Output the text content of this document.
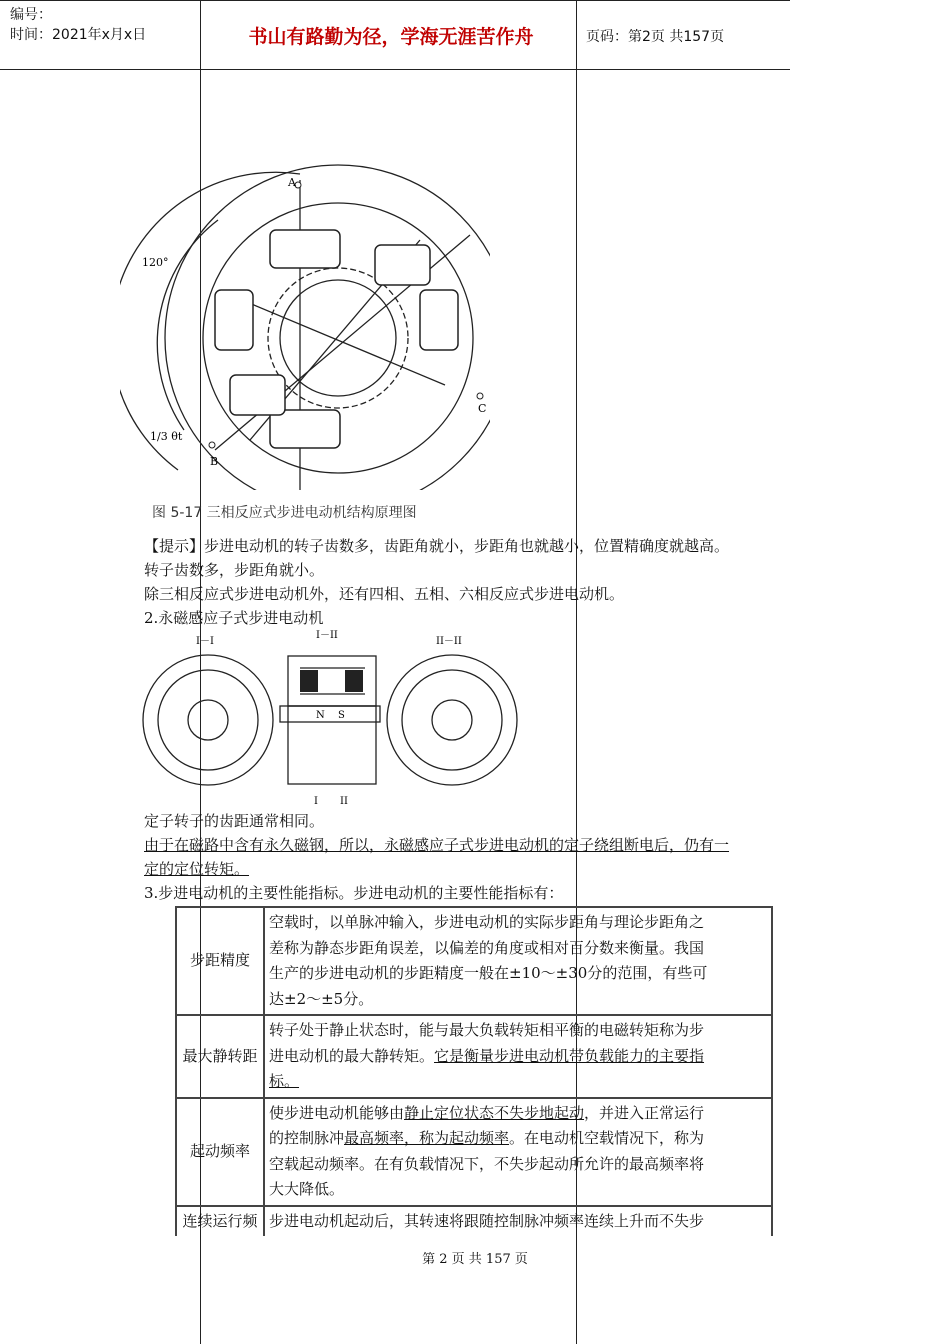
编号：
时间：2021年x月x日	书山有路勤为径，学海无涯苦作舟	页码：第2页 共157页
A
B
C
120°
1/3 θt
图 5-17 三相反应式步进电动机结构原理图
【提示】步进电动机的转子齿数多，齿距角就小，步距角也就越小，位置精确度就越高。
转子齿数多，步距角就小。
除三相反应式步进电动机外，还有四相、五相、六相反应式步进电动机。
2.永磁感应子式步进电动机
I－I
I－II
II－II
I II
N S
定子转子的齿距通常相同。
由于在磁路中含有永久磁钢，所以，永磁感应子式步进电动机的定子绕组断电后，仍有一
定的定位转矩。
3.步进电动机的主要性能指标。步进电动机的主要性能指标有：
步距精度	空载时，以单脉冲输入，步进电动机的实际步距角与理论步距角之
差称为静态步距角误差，以偏差的角度或相对百分数来衡量。我国
生产的步进电动机的步距精度一般在±10～±30分的范围，有些可
达±2～±5分。

最大静转距	转子处于静止状态时，能与最大负载转矩相平衡的电磁转矩称为步
进电动机的最大静转矩。它是衡量步进电动机带负载能力的主要指
标。

起动频率	使步进电动机能够由静止定位状态不失步地起动，并进入正常运行
的控制脉冲最高频率，称为起动频率。在电动机空载情况下，称为
空载起动频率。在有负载情况下，不失步起动所允许的最高频率将
大大降低。

连续运行频	步进电动机起动后，其转速将跟随控制脉冲频率连续上升而不失步
第 2 页 共 157 页
